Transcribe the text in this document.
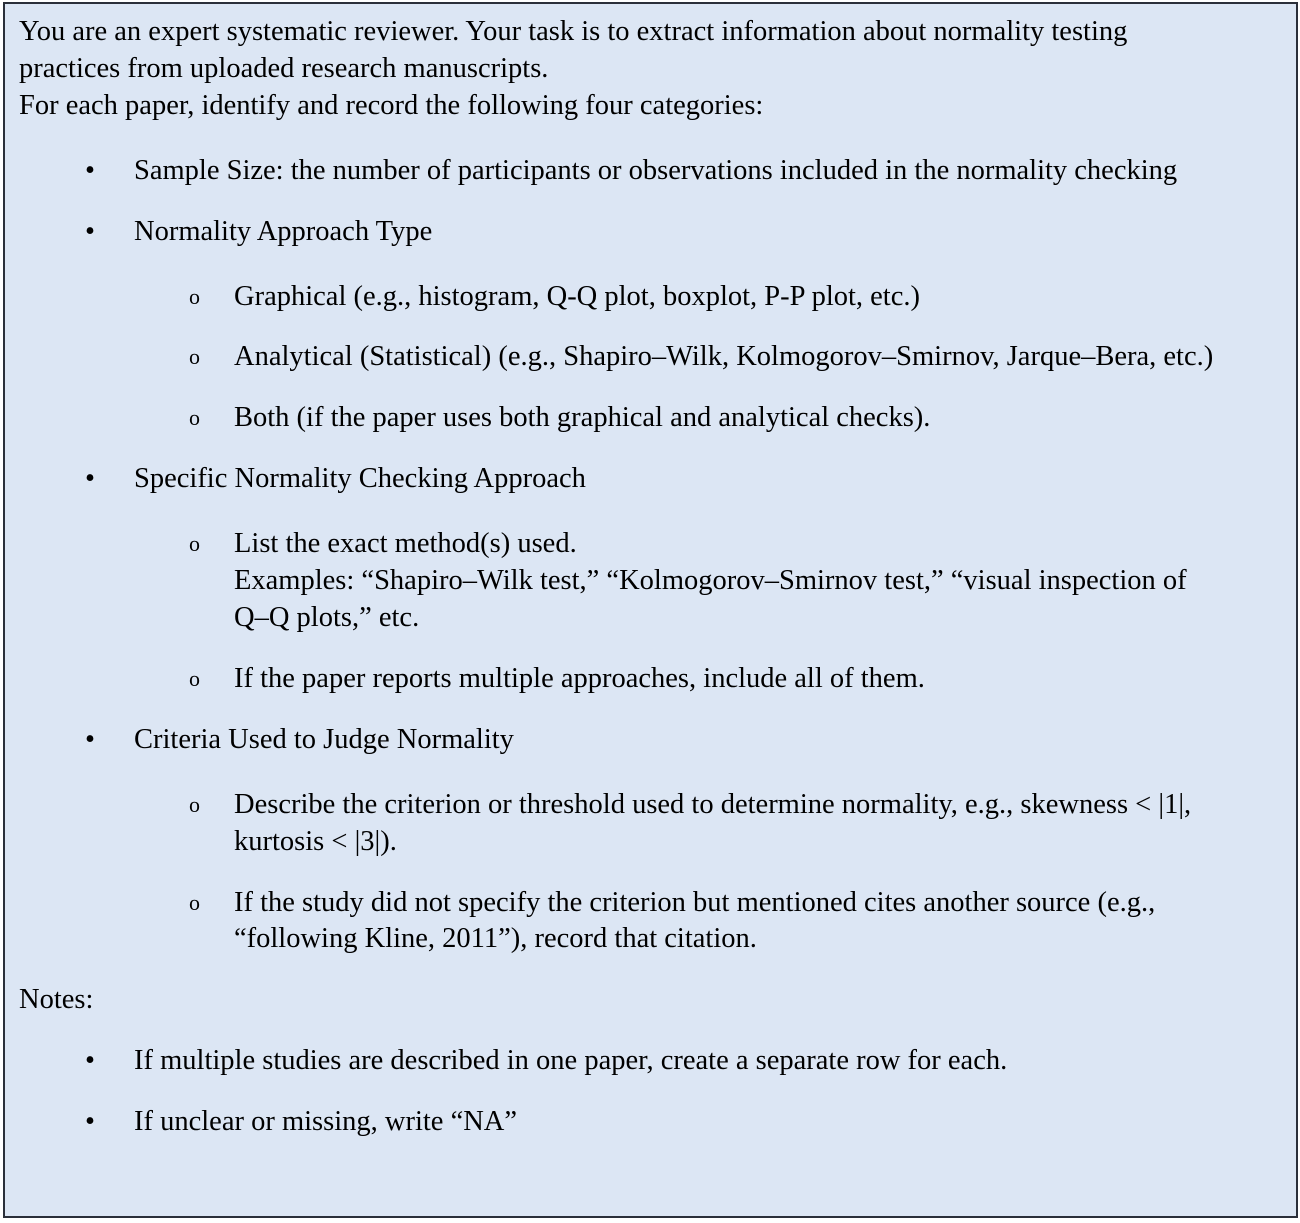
You are an expert systematic reviewer. Your task is to extract information about normality testing practices from uploaded research manuscripts.
For each paper, identify and record the following four categories:
•	Sample Size: the number of participants or observations included in the normality checking
•	Normality Approach Type
o	Graphical (e.g., histogram, Q-Q plot, boxplot, P-P plot, etc.)
o	Analytical (Statistical) (e.g., Shapiro–Wilk, Kolmogorov–Smirnov, Jarque–Bera, etc.)
o	Both (if the paper uses both graphical and analytical checks).
•	Specific Normality Checking Approach
o	List the exact method(s) used.
Examples: “Shapiro–Wilk test,” “Kolmogorov–Smirnov test,” “visual inspection of Q–Q plots,” etc.
o	If the paper reports multiple approaches, include all of them.
•	Criteria Used to Judge Normality
o	Describe the criterion or threshold used to determine normality, e.g., skewness < |1|, kurtosis < |3|).
o	If the study did not specify the criterion but mentioned cites another source (e.g., “following Kline, 2011”), record that citation.
Notes:
•	If multiple studies are described in one paper, create a separate row for each.
•	If unclear or missing, write “NA”
